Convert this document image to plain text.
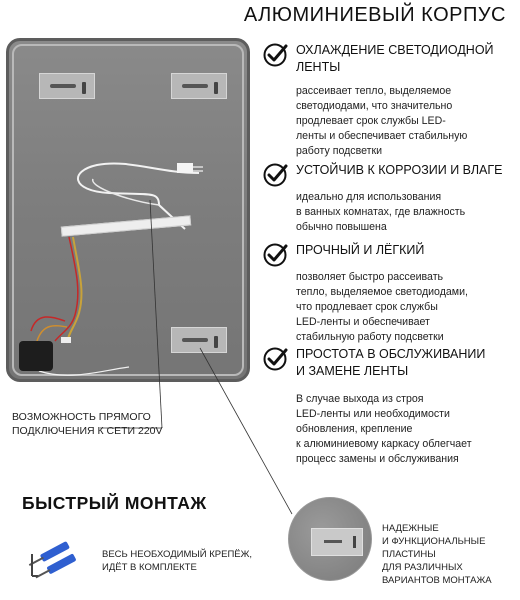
АЛЮМИНИЕВЫЙ КОРПУС
ВОЗМОЖНОСТЬ ПРЯМОГО
ПОДКЛЮЧЕНИЯ К СЕТИ 220V
ОХЛАЖДЕНИЕ СВЕТОДИОДНОЙ
ЛЕНТЫ
рассеивает тепло, выделяемое
светодиодами, что значительно
продлевает срок службы LED-
ленты и обеспечивает стабильную
работу подсветки
УСТОЙЧИВ К КОРРОЗИИ И ВЛАГЕ
идеально для использования
в ванных комнатах, где влажность
обычно повышена
ПРОЧНЫЙ И ЛЁГКИЙ
позволяет быстро рассеивать
тепло, выделяемое светодиодами,
что продлевает срок службы
LED-ленты и обеспечивает
стабильную работу подсветки
ПРОСТОТА В ОБСЛУЖИВАНИИ
И ЗАМЕНЕ ЛЕНТЫ
В случае выхода из строя
LED-ленты или необходимости
обновления, крепление
к алюминиевому каркасу облегчает
процесс замены и обслуживания
БЫСТРЫЙ МОНТАЖ
ВЕСЬ НЕОБХОДИМЫЙ КРЕПЁЖ,
ИДЁТ В КОМПЛЕКТЕ
НАДЕЖНЫЕ
И ФУНКЦИОНАЛЬНЫЕ
ПЛАСТИНЫ
ДЛЯ РАЗЛИЧНЫХ
ВАРИАНТОВ МОНТАЖА
